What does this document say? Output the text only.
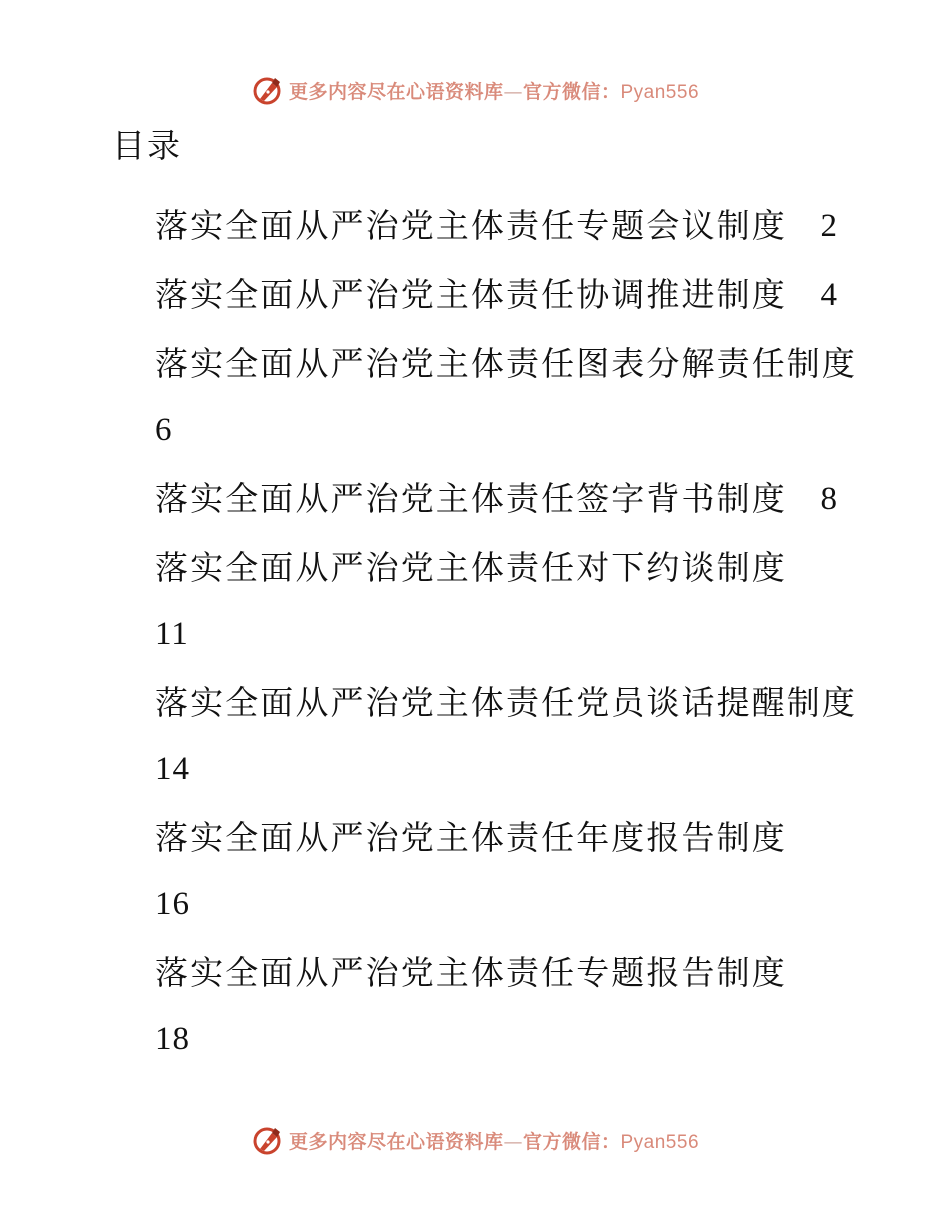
更多内容尽在心语资料库—官方微信：Pyan556
目录
落实全面从严治党主体责任专题会议制度 2
落实全面从严治党主体责任协调推进制度 4
落实全面从严治党主体责任图表分解责任制度
6
落实全面从严治党主体责任签字背书制度 8
落实全面从严治党主体责任对下约谈制度
11
落实全面从严治党主体责任党员谈话提醒制度
14
落实全面从严治党主体责任年度报告制度
16
落实全面从严治党主体责任专题报告制度
18
更多内容尽在心语资料库—官方微信：Pyan556
